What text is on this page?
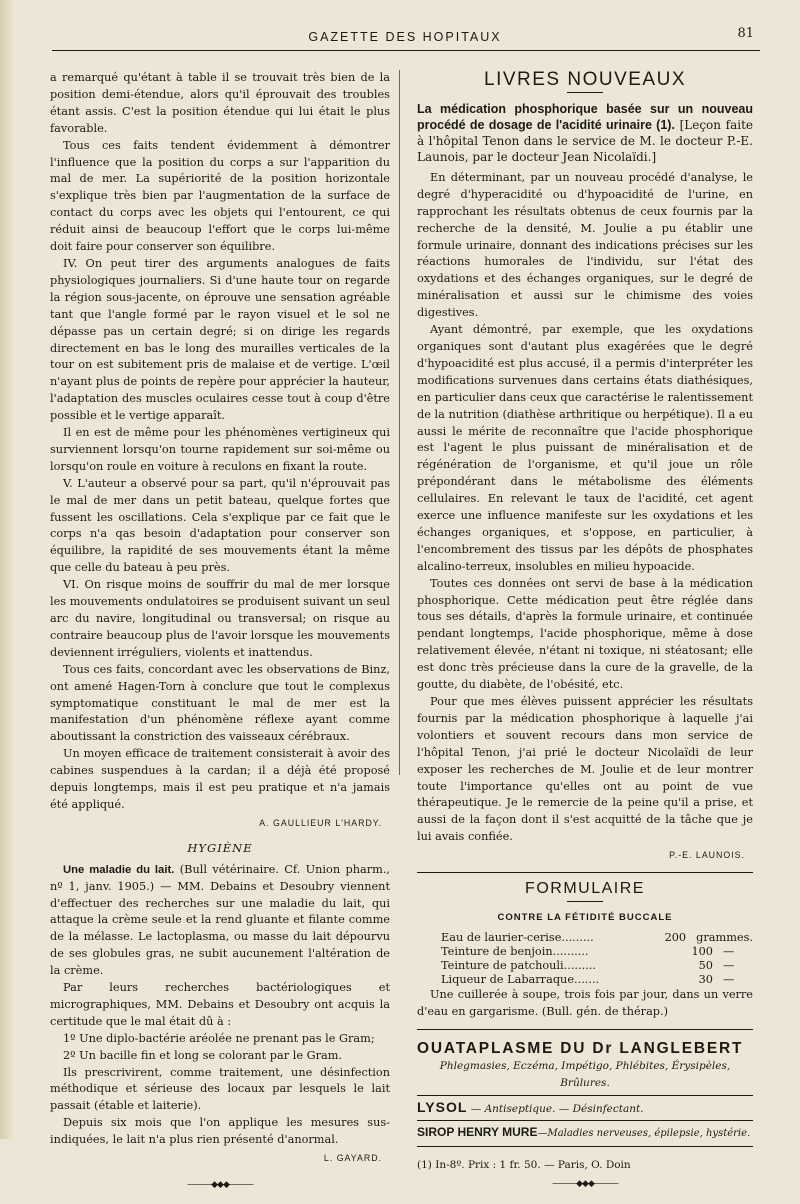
GAZETTE DES HOPITAUX	81

a remarqué qu'étant à table il se trouvait très bien de la position demi-étendue, alors qu'il éprouvait des troubles étant assis. C'est la position étendue qui lui était le plus favorable.

Tous ces faits tendent évidemment à démontrer l'influence que la position du corps a sur l'apparition du mal de mer. La supériorité de la position horizontale s'explique très bien par l'augmentation de la surface de contact du corps avec les objets qui l'entourent, ce qui réduit ainsi de beaucoup l'effort que le corps lui-même doit faire pour conserver son équilibre.

IV. On peut tirer des arguments analogues de faits physiologiques journaliers. Si d'une haute tour on regarde la région sous-jacente, on éprouve une sensation agréable tant que l'angle formé par le rayon visuel et le sol ne dépasse pas un certain degré; si on dirige les regards directement en bas le long des murailles verticales de la tour on est subitement pris de malaise et de vertige. L'œil n'ayant plus de points de repère pour apprécier la hauteur, l'adaptation des muscles oculaires cesse tout à coup d'être possible et le vertige apparaît.

Il en est de même pour les phénomènes vertigineux qui surviennent lorsqu'on tourne rapidement sur soi-même ou lorsqu'on roule en voiture à reculons en fixant la route.

V. L'auteur a observé pour sa part, qu'il n'éprouvait pas le mal de mer dans un petit bateau, quelque fortes que fussent les oscillations. Cela s'explique par ce fait que le corps n'a qas besoin d'adaptation pour conserver son équilibre, la rapidité de ses mouvements étant la même que celle du bateau à peu près.

VI. On risque moins de souffrir du mal de mer lorsque les mouvements ondulatoires se produisent suivant un seul arc du navire, longitudinal ou transversal; on risque au contraire beaucoup plus de l'avoir lorsque les mouvements deviennent irréguliers, violents et inattendus.

Tous ces faits, concordant avec les observations de Binz, ont amené Hagen-Torn à conclure que tout le complexus symptomatique constituant le mal de mer est la manifestation d'un phénomène réflexe ayant comme aboutissant la constriction des vaisseaux cérébraux.

Un moyen efficace de traitement consisterait à avoir des cabines suspendues à la cardan; il a déjà été proposé depuis longtemps, mais il est peu pratique et n'a jamais été appliqué.

A. GAULLIEUR L'HARDY.
HYGIÈNE

Une maladie du lait. (Bull vétérinaire. Cf. Union pharm., nº 1, janv. 1905.) — MM. Debains et Desoubry viennent d'effectuer des recherches sur une maladie du lait, qui attaque la crème seule et la rend gluante et filante comme de la mélasse. Le lactoplasma, ou masse du lait dépourvu de ses globules gras, ne subit aucunement l'altération de la crème.

Par leurs recherches bactériologiques et micrographiques, MM. Debains et Desoubry ont acquis la certitude que le mal était dû à :

1º Une diplo-bactérie aréolée ne prenant pas le Gram;

2º Un bacille fin et long se colorant par le Gram.

Ils prescrivirent, comme traitement, une désinfection méthodique et sérieuse des locaux par lesquels le lait passait (étable et laiterie).

Depuis six mois que l'on applique les mesures sus-indiquées, le lait n'a plus rien présenté d'anormal.

L. GAYARD.
———◆◆◆———
LIVRES NOUVEAUX
La médication phosphorique basée sur un nouveau procédé de dosage de l'acidité urinaire (1). [Leçon faite à l'hôpital Tenon dans le service de M. le docteur P.-E. Launois, par le docteur Jean Nicolaïdi.]

En déterminant, par un nouveau procédé d'analyse, le degré d'hyperacidité ou d'hypoacidité de l'urine, en rapprochant les résultats obtenus de ceux fournis par la recherche de la densité, M. Joulie a pu établir une formule urinaire, donnant des indications précises sur les réactions humorales de l'individu, sur l'état des oxydations et des échanges organiques, sur le degré de minéralisation et aussi sur le chimisme des voies digestives.

Ayant démontré, par exemple, que les oxydations organiques sont d'autant plus exagérées que le degré d'hypoacidité est plus accusé, il a permis d'interpréter les modifications survenues dans certains états diathésiques, en particulier dans ceux que caractérise le ralentissement de la nutrition (diathèse arthritique ou herpétique). Il a eu aussi le mérite de reconnaître que l'acide phosphorique est l'agent le plus puissant de minéralisation et de régénération de l'organisme, et qu'il joue un rôle prépondérant dans le métabolisme des éléments cellulaires. En relevant le taux de l'acidité, cet agent exerce une influence manifeste sur les oxydations et les échanges organiques, et s'oppose, en particulier, à l'encombrement des tissus par les dépôts de phosphates alcalino-terreux, insolubles en milieu hypoacide.

Toutes ces données ont servi de base à la médication phosphorique. Cette médication peut être réglée dans tous ses détails, d'après la formule urinaire, et continuée pendant longtemps, l'acide phosphorique, même à dose relativement élevée, n'étant ni toxique, ni stéatosant; elle est donc très précieuse dans la cure de la gravelle, de la goutte, du diabète, de l'obésité, etc.

Pour que mes élèves puissent apprécier les résultats fournis par la médication phosphorique à laquelle j'ai volontiers et souvent recours dans mon service de l'hôpital Tenon, j'ai prié le docteur Nicolaïdi de leur exposer les recherches de M. Joulie et de leur montrer toute l'importance qu'elles ont au point de vue thérapeutique. Je le remercie de la peine qu'il a prise, et aussi de la façon dont il s'est acquitté de la tâche que je lui avais confiée.

P.-E. LAUNOIS.
FORMULAIRE
CONTRE LA FÉTIDITÉ BUCCALE
Eau de laurier-cerise.........	200 grammes.
Teinture de benjoin..........	100 —
Teinture de patchouli.........	50 —
Liqueur de Labarraque.......	30 —

Une cuillerée à soupe, trois fois par jour, dans un verre d'eau en gargarisme. (Bull. gén. de thérap.)

OUATAPLASME DU Dr LANGLEBERT
Phlegmasies, Eczéma, Impétigo, Phlébites, Érysipèles, Brûlures.
LYSOL — Antiseptique. — Désinfectant.
SIROP HENRY MURE—Maladies nerveuses, épilepsie, hystérie.

(1) In-8º. Prix : 1 fr. 50. — Paris, O. Doin

———◆◆◆———
